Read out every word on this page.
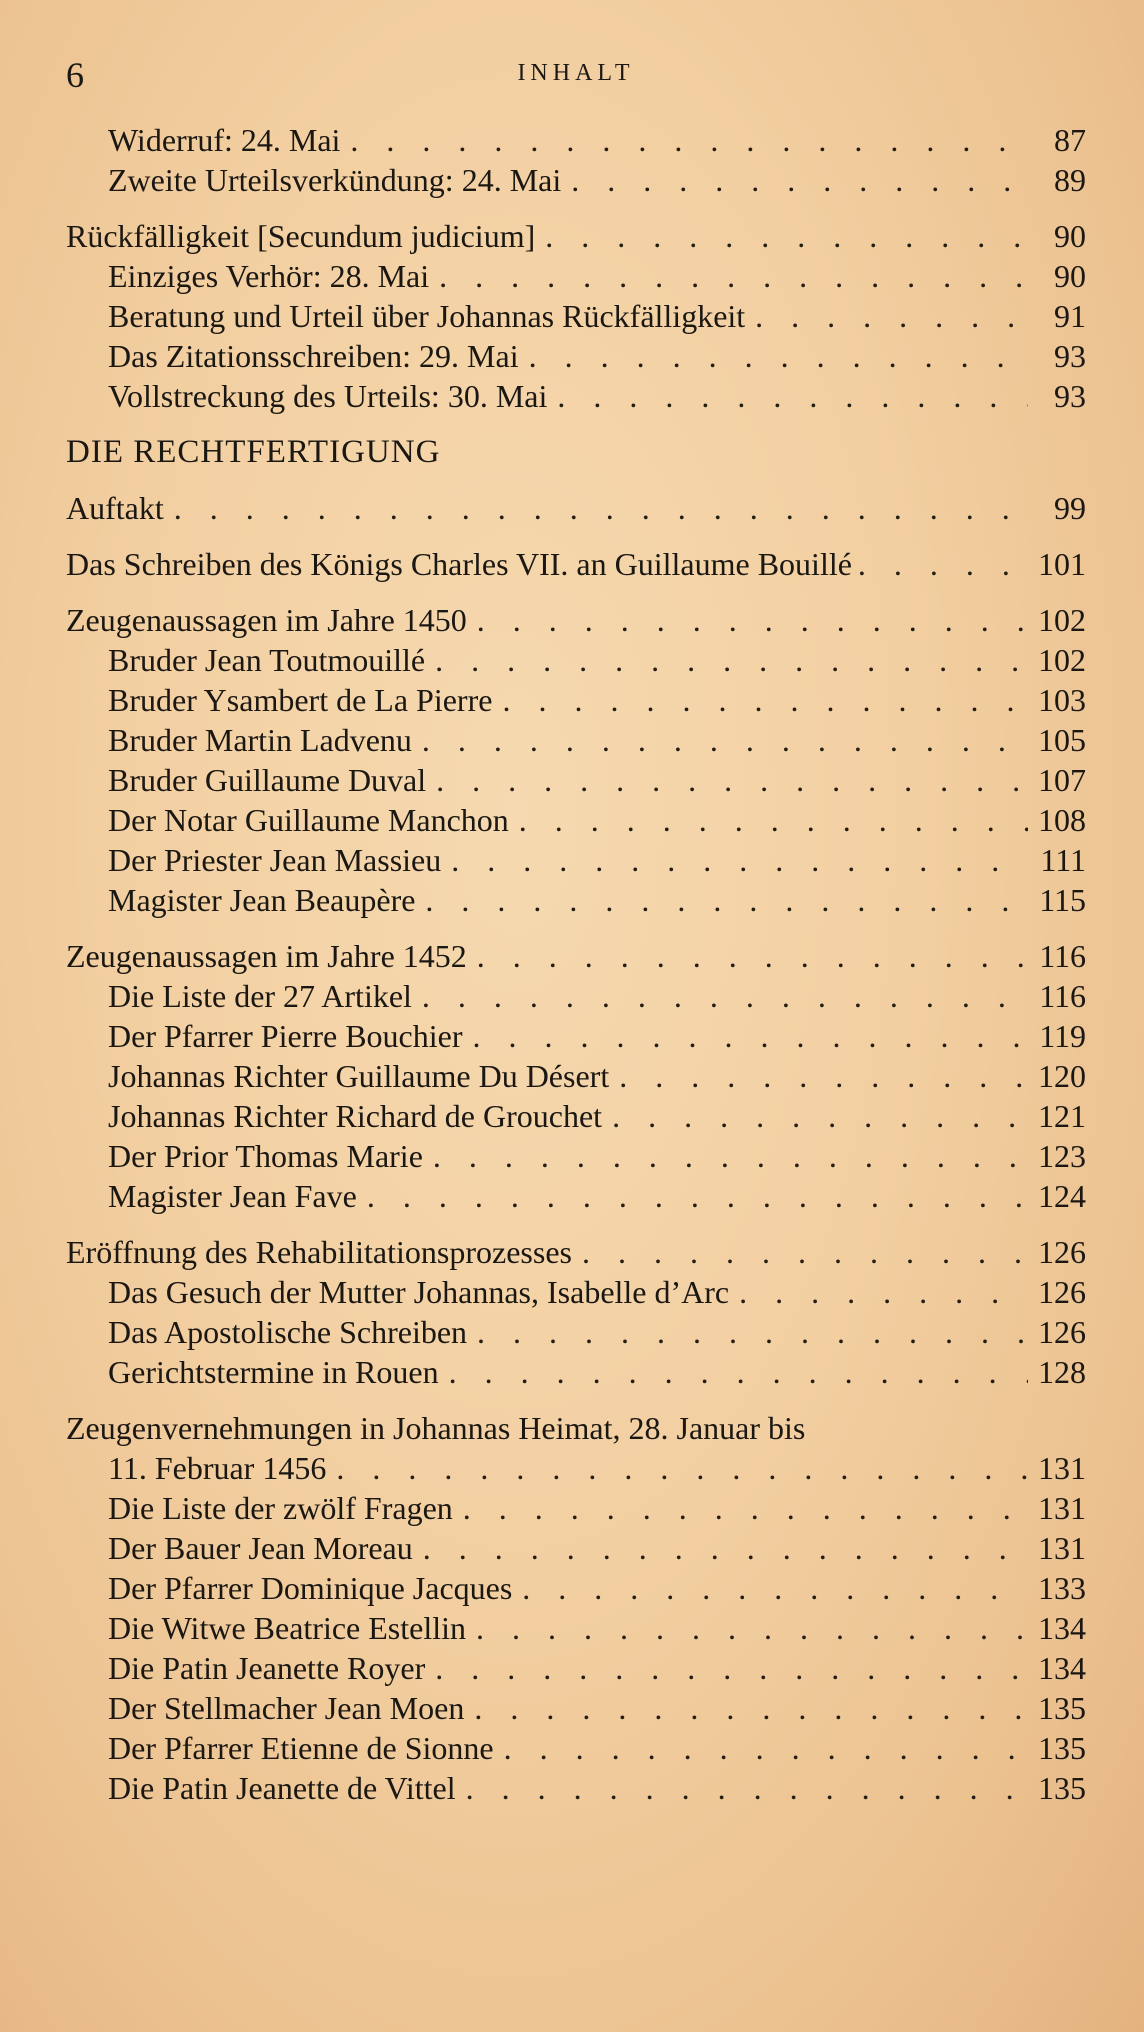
6	INHALT
Widerruf: 24. Mai . . .	87
Zweite Urteilsverkündung: 24. Mai . . .	89
Rückfälligkeit [Secundum judicium] . . .	90
Einziges Verhör: 28. Mai . . .	90
Beratung und Urteil über Johannas Rückfälligkeit . . .	91
Das Zitationsschreiben: 29. Mai . . .	93
Vollstreckung des Urteils: 30. Mai . . .	93
DIE RECHTFERTIGUNG
Auftakt . . .	99
Das Schreiben des Königs Charles VII. an Guillaume Bouillé . . .	101
Zeugenaussagen im Jahre 1450 . . .	102
Bruder Jean Toutmouillé . . .	102
Bruder Ysambert de La Pierre . . .	103
Bruder Martin Ladvenu . . .	105
Bruder Guillaume Duval . . .	107
Der Notar Guillaume Manchon . . .	108
Der Priester Jean Massieu . . .	111
Magister Jean Beaupère . . .	115
Zeugenaussagen im Jahre 1452 . . .	116
Die Liste der 27 Artikel . . .	116
Der Pfarrer Pierre Bouchier . . .	119
Johannas Richter Guillaume Du Désert . . .	120
Johannas Richter Richard de Grouchet . . .	121
Der Prior Thomas Marie . . .	123
Magister Jean Fave . . .	124
Eröffnung des Rehabilitationsprozesses . . .	126
Das Gesuch der Mutter Johannas, Isabelle d’Arc . . .	126
Das Apostolische Schreiben . . .	126
Gerichtstermine in Rouen . . .	128
Zeugenvernehmungen in Johannas Heimat, 28. Januar bis
11. Februar 1456 . . .	131
Die Liste der zwölf Fragen . . .	131
Der Bauer Jean Moreau . . .	131
Der Pfarrer Dominique Jacques . . .	133
Die Witwe Beatrice Estellin . . .	134
Die Patin Jeanette Royer . . .	134
Der Stellmacher Jean Moen . . .	135
Der Pfarrer Etienne de Sionne . . .	135
Die Patin Jeanette de Vittel . . .	135
